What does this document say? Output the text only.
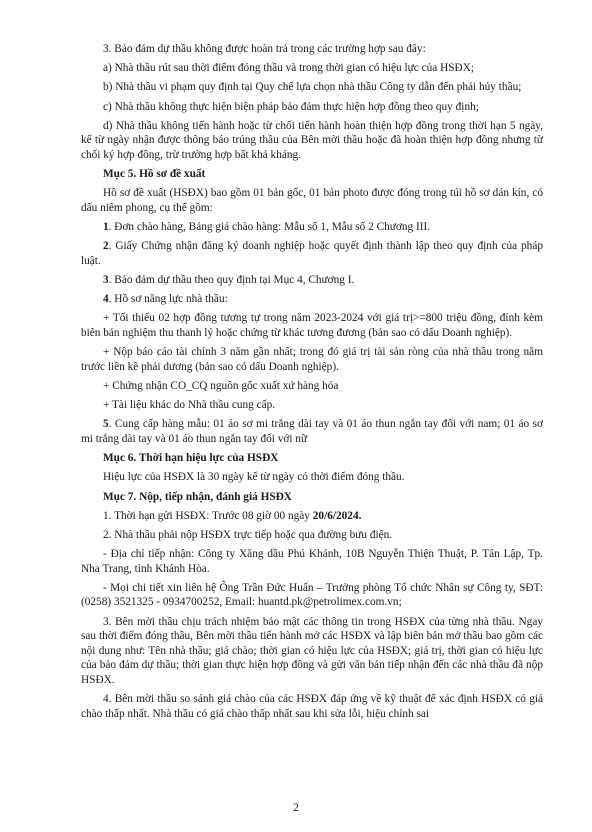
3. Bảo đảm dự thầu không được hoàn trả trong các trường hợp sau đây:

a) Nhà thầu rút sau thời điểm đóng thầu và trong thời gian có hiệu lực của HSĐX;

b) Nhà thầu vi phạm quy định tại Quy chế lựa chọn nhà thầu Công ty dẫn đến phải hủy thầu;

c) Nhà thầu không thực hiện biện pháp bảo đảm thực hiện hợp đồng theo quy định;

d) Nhà thầu không tiến hành hoặc từ chối tiến hành hoàn thiện hợp đồng trong thời hạn 5 ngày, kể từ ngày nhận được thông báo trúng thầu của Bên mời thầu hoặc đã hoàn thiện hợp đồng nhưng từ chối ký hợp đồng, trừ trường hợp bất khả kháng.

Mục 5. Hồ sơ đề xuất

Hồ sơ đề xuất (HSĐX) bao gồm 01 bản gốc, 01 bản photo được đóng trong túi hồ sơ dán kín, có dấu niêm phong, cụ thể gồm:

1. Đơn chào hàng, Bảng giá chào hàng: Mẫu số 1, Mẫu số 2 Chương III.

2. Giấy Chứng nhận đăng ký doanh nghiệp hoặc quyết định thành lập theo quy định của pháp luật.

3. Bảo đảm dự thầu theo quy định tại Mục 4, Chương I.

4. Hồ sơ năng lực nhà thầu:

+ Tối thiểu 02 hợp đồng tương tự trong năm 2023-2024 với giá trị>=800 triệu đồng, đính kèm biên bản nghiệm thu thanh lý hoặc chứng từ khác tương đương (bản sao có dấu Doanh nghiệp).

+ Nộp báo cáo tài chính 3 năm gần nhất; trong đó giá trị tài sản ròng của nhà thầu trong năm trước liền kề phải dương (bản sao có dấu Doanh nghiệp).

+ Chứng nhận CO_CQ nguồn gốc xuất xứ hàng hóa

+ Tài liệu khác do Nhà thầu cung cấp.

5. Cung cấp hàng mẫu: 01 áo sơ mi trắng dài tay và 01 áo thun ngắn tay đối với nam; 01 áo sơ mi trắng dài tay và 01 áo thun ngắn tay đối với nữ

Mục 6. Thời hạn hiệu lực của HSĐX

Hiệu lực của HSĐX là 30 ngày kể từ ngày có thời điểm đóng thầu.

Mục 7. Nộp, tiếp nhận, đánh giá HSĐX

1. Thời hạn gửi HSĐX: Trước 08 giờ 00 ngày 20/6/2024.

2. Nhà thầu phải nộp HSĐX trực tiếp hoặc qua đường bưu điện.

- Địa chỉ tiếp nhận: Công ty Xăng dầu Phú Khánh, 10B Nguyễn Thiện Thuật, P. Tân Lập, Tp. Nha Trang, tỉnh Khánh Hòa.

- Mọi chi tiết xin liên hệ Ông Trần Đức Huấn – Trưởng phòng Tổ chức Nhân sự Công ty, SĐT: (0258) 3521325 - 0934700252, Email: huantd.pk@petrolimex.com.vn;

3. Bên mời thầu chịu trách nhiệm bảo mật các thông tin trong HSĐX của từng nhà thầu. Ngay sau thời điểm đóng thầu, Bên mời thầu tiến hành mở các HSĐX và lập biên bản mở thầu bao gồm các nội dung như: Tên nhà thầu; giá chào; thời gian có hiệu lực của HSĐX; giá trị, thời gian có hiệu lực của bảo đảm dự thầu; thời gian thực hiện hợp đồng và gửi văn bản tiếp nhận đến các nhà thầu đã nộp HSĐX.

4. Bên mời thầu so sánh giá chào của các HSĐX đáp ứng về kỹ thuật để xác định HSĐX có giá chào thấp nhất. Nhà thầu có giá chào thấp nhất sau khi sửa lỗi, hiệu chỉnh sai

2
